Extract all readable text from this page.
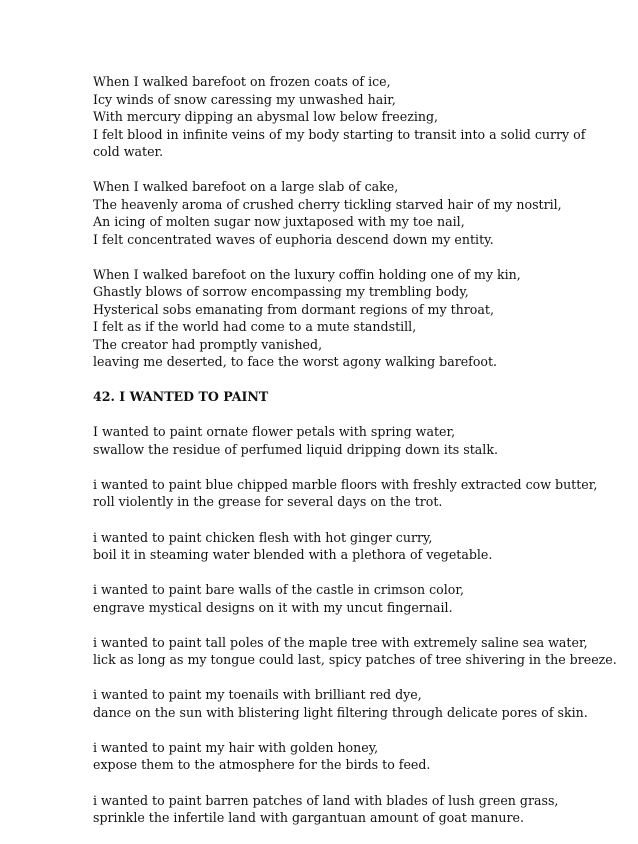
When I walked barefoot on frozen coats of ice,
Icy winds of snow caressing my unwashed hair,
With mercury dipping an abysmal low below freezing,
I felt blood in infinite veins of my body starting to transit into a solid curry of
cold water.
When I walked barefoot on a large slab of cake,
The heavenly aroma of crushed cherry tickling starved hair of my nostril,
An icing of molten sugar now juxtaposed with my toe nail,
I felt concentrated waves of euphoria descend down my entity.
When I walked barefoot on the luxury coffin holding one of my kin,
Ghastly blows of sorrow encompassing my trembling body,
Hysterical sobs emanating from dormant regions of my throat,
I felt as if the world had come to a mute standstill,
The creator had promptly vanished,
leaving me deserted, to face the worst agony walking barefoot.
42. I WANTED TO PAINT
I wanted to paint ornate flower petals with spring water,
swallow the residue of perfumed liquid dripping down its stalk.
i wanted to paint blue chipped marble floors with freshly extracted cow butter,
roll violently in the grease for several days on the trot.
i wanted to paint chicken flesh with hot ginger curry,
boil it in steaming water blended with a plethora of vegetable.
i wanted to paint bare walls of the castle in crimson color,
engrave mystical designs on it with my uncut fingernail.
i wanted to paint tall poles of the maple tree with extremely saline sea water,
lick as long as my tongue could last, spicy patches of tree shivering in the breeze.
i wanted to paint my toenails with brilliant red dye,
dance on the sun with blistering light filtering through delicate pores of skin.
i wanted to paint my hair with golden honey,
expose them to the atmosphere for the birds to feed.
i wanted to paint barren patches of land with blades of lush green grass,
sprinkle the infertile land with gargantuan amount of goat manure.
